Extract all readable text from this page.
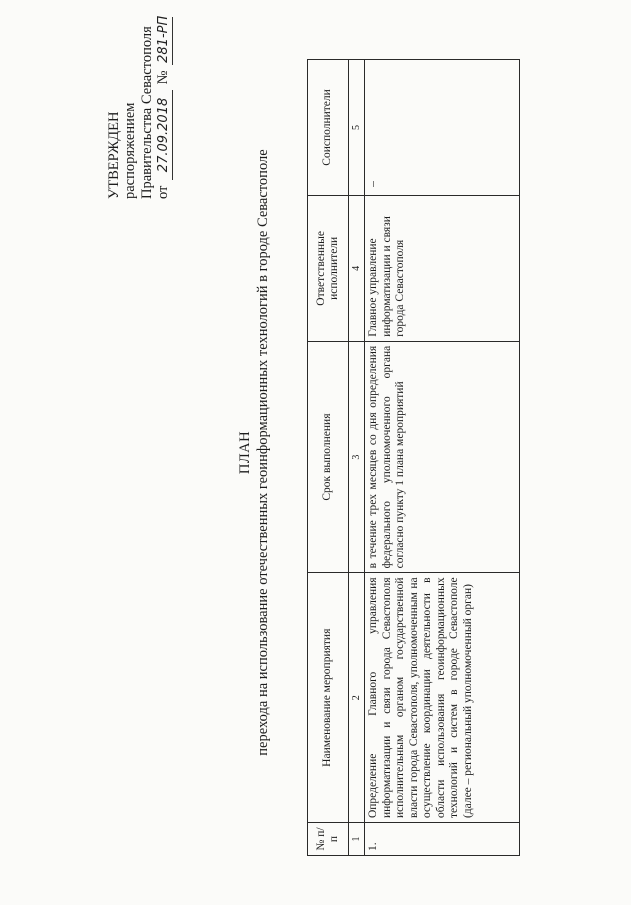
УТВЕРЖДЕН распоряжением Правительства Севастополя от 27.09.2018 № 281-РП
ПЛАН перехода на использование отечественных геоинформационных технологий в городе Севастополе
№ п/п	Наименование мероприятия	Срок выполнения	Ответственные исполнители	Соисполнители
1	2	3	4	5
1.	Определение Главного управления информатизации и связи города Севастополя исполнительным органом государственной власти города Севастополя, уполномоченным на осуществление координации деятельности в области использования геоинформационных технологий и систем в городе Севастополе (далее – региональный уполномоченный орган)	в течение трех месяцев со дня определения федерального уполномоченного органа согласно пункту 1 плана мероприятий	Главное управление информатизации и связи города Севастополя	–
